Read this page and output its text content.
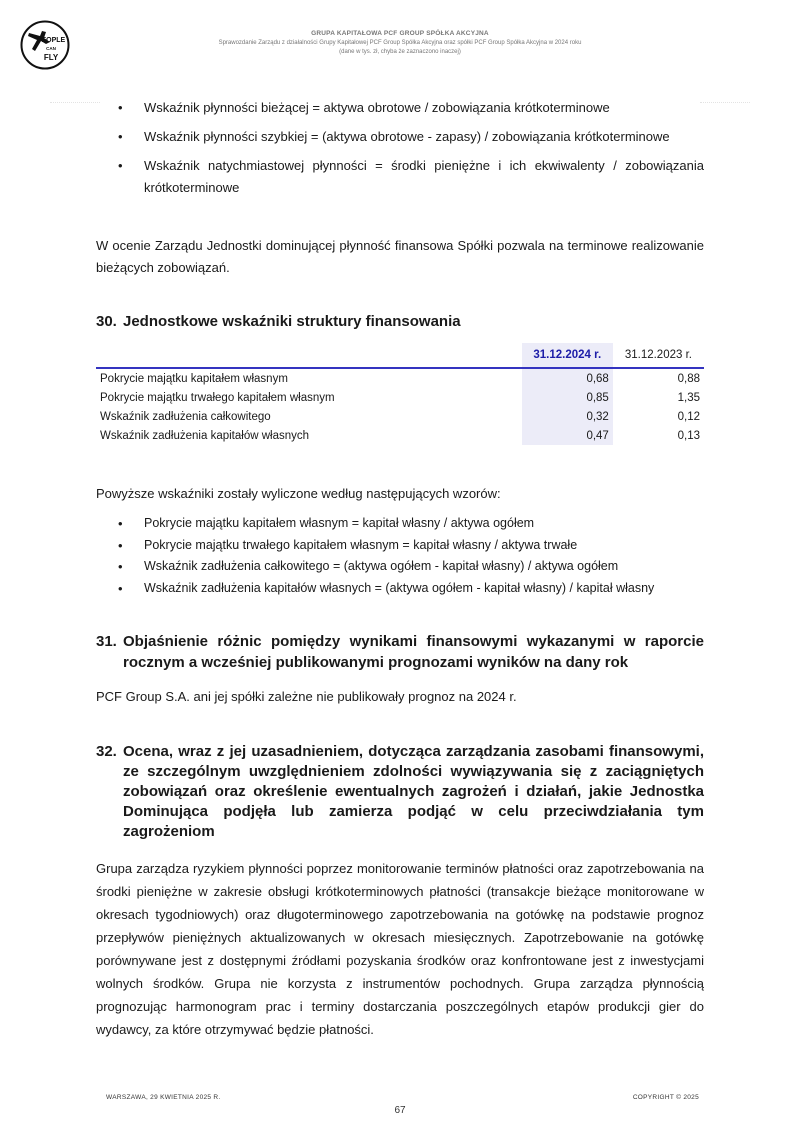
PEOPLE
CAN
FLY
GRUPA KAPITAŁOWA PCF GROUP SPÓŁKA AKCYJNA
Sprawozdanie Zarządu z działalności Grupy Kapitałowej PCF Group Spółka Akcyjna oraz spółki PCF Group Spółka Akcyjna w 2024 roku
(dane w tys. zł, chyba że zaznaczono inaczej)
• Wskaźnik płynności bieżącej = aktywa obrotowe / zobowiązania krótkoterminowe
• Wskaźnik płynności szybkiej = (aktywa obrotowe - zapasy) / zobowiązania krótkoterminowe
• Wskaźnik natychmiastowej płynności = środki pieniężne i ich ekwiwalenty / zobowiązania krótkoterminowe

W ocenie Zarządu Jednostki dominującej płynność finansowa Spółki pozwala na terminowe realizowanie bieżących zobowiązań.

30. Jednostkowe wskaźniki struktury finansowania
	31.12.2024 r.	31.12.2023 r.
Pokrycie majątku kapitałem własnym	0,68	0,88
Pokrycie majątku trwałego kapitałem własnym	0,85	1,35
Wskaźnik zadłużenia całkowitego	0,32	0,12
Wskaźnik zadłużenia kapitałów własnych	0,47	0,13

Powyższe wskaźniki zostały wyliczone według następujących wzorów:

• Pokrycie majątku kapitałem własnym = kapitał własny / aktywa ogółem
• Pokrycie majątku trwałego kapitałem własnym = kapitał własny / aktywa trwałe
• Wskaźnik zadłużenia całkowitego = (aktywa ogółem - kapitał własny) / aktywa ogółem
• Wskaźnik zadłużenia kapitałów własnych = (aktywa ogółem - kapitał własny) / kapitał własny
31. Objaśnienie różnic pomiędzy wynikami finansowymi wykazanymi w raporcie rocznym a wcześniej publikowanymi prognozami wyników na dany rok

PCF Group S.A. ani jej spółki zależne nie publikowały prognoz na 2024 r.

32. Ocena, wraz z jej uzasadnieniem, dotycząca zarządzania zasobami finansowymi, ze szczególnym uwzględnieniem zdolności wywiązywania się z zaciągniętych zobowiązań oraz określenie ewentualnych zagrożeń i działań, jakie Jednostka Dominująca podjęła lub zamierza podjąć w celu przeciwdziałania tym zagrożeniom

Grupa zarządza ryzykiem płynności poprzez monitorowanie terminów płatności oraz zapotrzebowania na środki pieniężne w zakresie obsługi krótkoterminowych płatności (transakcje bieżące monitorowane w okresach tygodniowych) oraz długoterminowego zapotrzebowania na gotówkę na podstawie prognoz przepływów pieniężnych aktualizowanych w okresach miesięcznych. Zapotrzebowanie na gotówkę porównywane jest z dostępnymi źródłami pozyskania środków oraz konfrontowane jest z inwestycjami wolnych środków. Grupa nie korzysta z instrumentów pochodnych. Grupa zarządza płynnością prognozując harmonogram prac i terminy dostarczania poszczególnych etapów produkcji gier do wydawcy, za które otrzymywać będzie płatności.

WARSZAWA, 29 KWIETNIA 2025 R.	COPYRIGHT © 2025
67
